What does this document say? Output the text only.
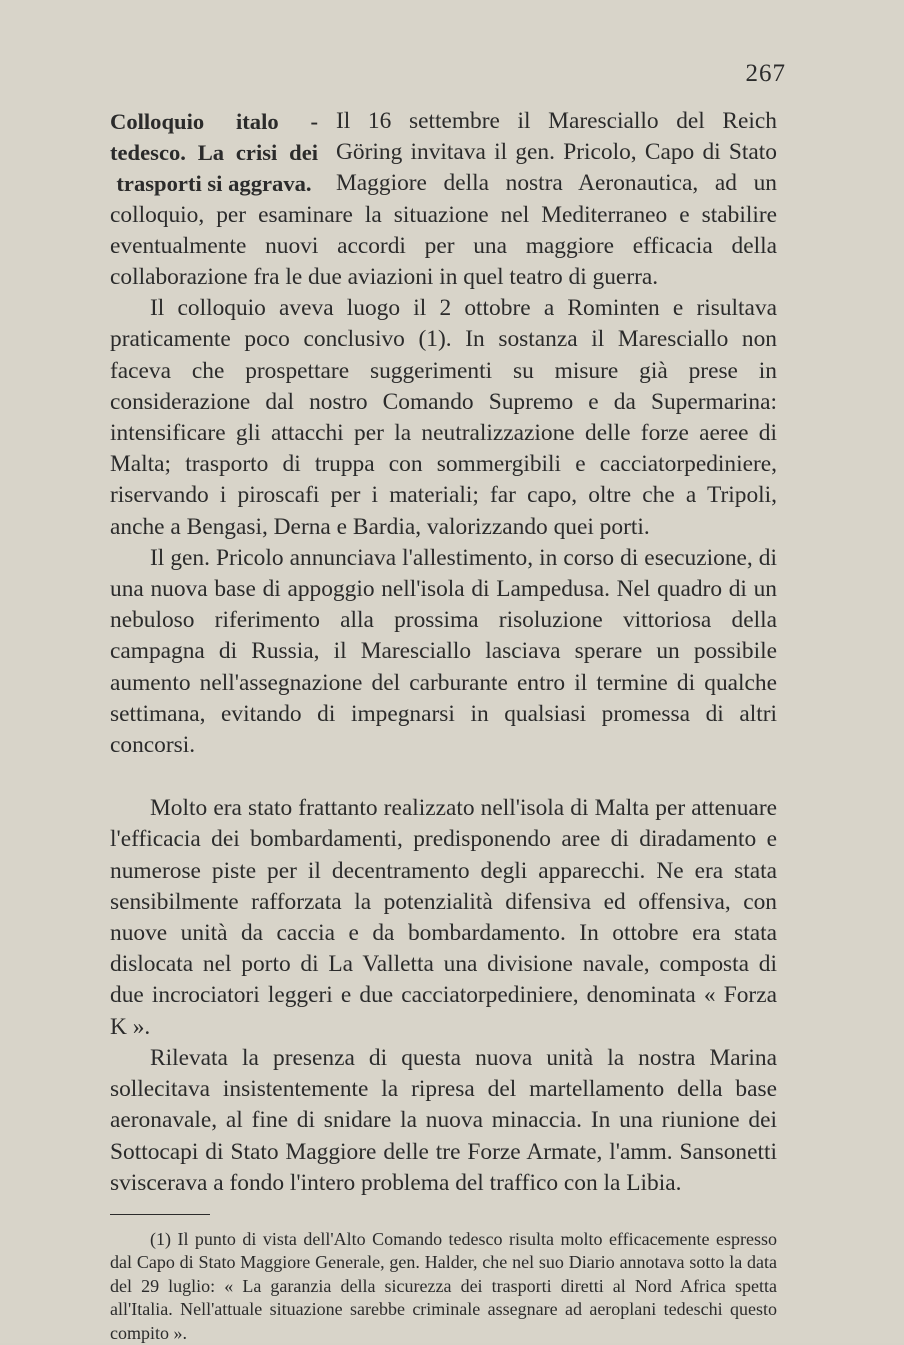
267
Colloquio italo - tedesco. La crisi dei trasporti si aggrava.

Il 16 settembre il Maresciallo del Reich Göring invitava il gen. Pricolo, Capo di Stato Maggiore della nostra Aeronautica, ad un colloquio, per esaminare la situazione nel Mediterraneo e stabilire eventualmente nuovi accordi per una maggiore efficacia della collaborazione fra le due aviazioni in quel teatro di guerra.

Il colloquio aveva luogo il 2 ottobre a Rominten e risultava praticamente poco conclusivo (1). In sostanza il Maresciallo non faceva che prospettare suggerimenti su misure già prese in considerazione dal nostro Comando Supremo e da Supermarina: intensificare gli attacchi per la neutralizzazione delle forze aeree di Malta; trasporto di truppa con sommergibili e cacciatorpediniere, riservando i piroscafi per i materiali; far capo, oltre che a Tripoli, anche a Bengasi, Derna e Bardia, valorizzando quei porti.

Il gen. Pricolo annunciava l'allestimento, in corso di esecuzione, di una nuova base di appoggio nell'isola di Lampedusa. Nel quadro di un nebuloso riferimento alla prossima risoluzione vittoriosa della campagna di Russia, il Maresciallo lasciava sperare un possibile aumento nell'assegnazione del carburante entro il termine di qualche settimana, evitando di impegnarsi in qualsiasi promessa di altri concorsi.

Molto era stato frattanto realizzato nell'isola di Malta per attenuare l'efficacia dei bombardamenti, predisponendo aree di diradamento e numerose piste per il decentramento degli apparecchi. Ne era stata sensibilmente rafforzata la potenzialità difensiva ed offensiva, con nuove unità da caccia e da bombardamento. In ottobre era stata dislocata nel porto di La Valletta una divisione navale, composta di due incrociatori leggeri e due cacciatorpediniere, denominata « Forza K ».

Rilevata la presenza di questa nuova unità la nostra Marina sollecitava insistentemente la ripresa del martellamento della base aeronavale, al fine di snidare la nuova minaccia. In una riunione dei Sottocapi di Stato Maggiore delle tre Forze Armate, l'amm. Sansonetti sviscerava a fondo l'intero problema del traffico con la Libia.

(1) Il punto di vista dell'Alto Comando tedesco risulta molto efficacemente espresso dal Capo di Stato Maggiore Generale, gen. Halder, che nel suo Diario annotava sotto la data del 29 luglio: « La garanzia della sicurezza dei trasporti diretti al Nord Africa spetta all'Italia. Nell'attuale situazione sarebbe criminale assegnare ad aeroplani tedeschi questo compito ».
